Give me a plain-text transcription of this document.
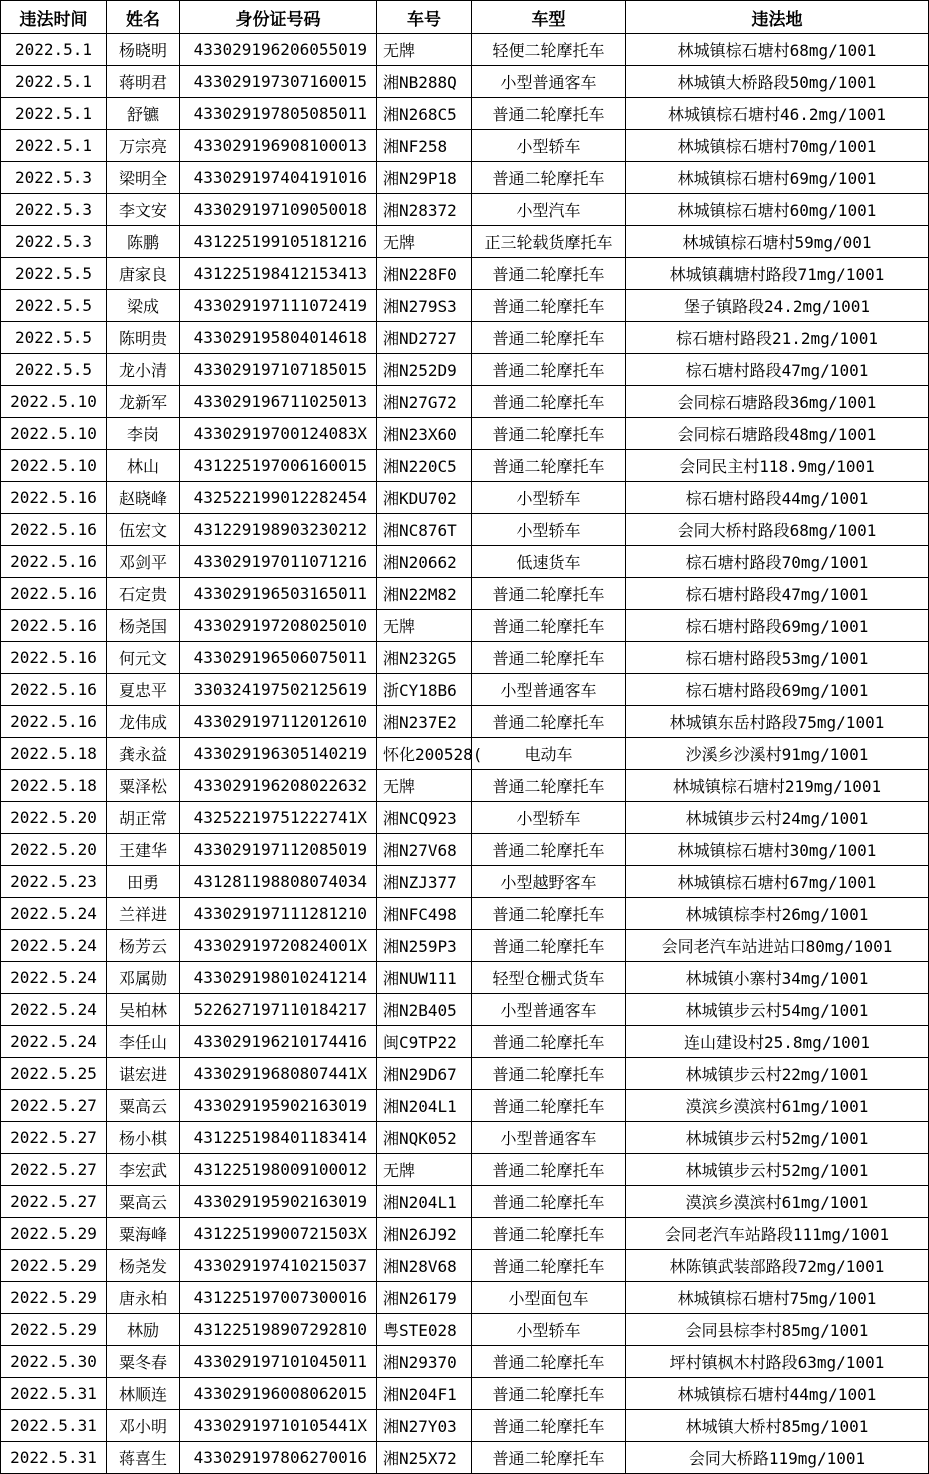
违法时间	姓名	身份证号码	车号	车型	违法地
2022.5.1	杨晓明	433029196206055019	无牌	轻便二轮摩托车	林城镇棕石塘村68mg/1001
2022.5.1	蒋明君	433029197307160015	湘NB288Q	小型普通客车	林城镇大桥路段50mg/1001
2022.5.1	舒镳	433029197805085011	湘N268C5	普通二轮摩托车	林城镇棕石塘村46.2mg/1001
2022.5.1	万宗亮	433029196908100013	湘NF258	小型轿车	林城镇棕石塘村70mg/1001
2022.5.3	梁明全	433029197404191016	湘N29P18	普通二轮摩托车	林城镇棕石塘村69mg/1001
2022.5.3	李文安	433029197109050018	湘N28372	小型汽车	林城镇棕石塘村60mg/1001
2022.5.3	陈鹏	431225199105181216	无牌	正三轮载货摩托车	林城镇棕石塘村59mg/001
2022.5.5	唐家良	431225198412153413	湘N228F0	普通二轮摩托车	林城镇藕塘村路段71mg/1001
2022.5.5	梁成	433029197111072419	湘N279S3	普通二轮摩托车	堡子镇路段24.2mg/1001
2022.5.5	陈明贵	433029195804014618	湘ND2727	普通二轮摩托车	棕石塘村路段21.2mg/1001
2022.5.5	龙小清	433029197107185015	湘N252D9	普通二轮摩托车	棕石塘村路段47mg/1001
2022.5.10	龙新军	433029196711025013	湘N27G72	普通二轮摩托车	会同棕石塘路段36mg/1001
2022.5.10	李岗	43302919700124083X	湘N23X60	普通二轮摩托车	会同棕石塘路段48mg/1001
2022.5.10	林山	431225197006160015	湘N220C5	普通二轮摩托车	会同民主村118.9mg/1001
2022.5.16	赵晓峰	432522199012282454	湘KDU702	小型轿车	棕石塘村路段44mg/1001
2022.5.16	伍宏文	431229198903230212	湘NC876T	小型轿车	会同大桥村路段68mg/1001
2022.5.16	邓剑平	433029197011071216	湘N20662	低速货车	棕石塘村路段70mg/1001
2022.5.16	石定贵	433029196503165011	湘N22M82	普通二轮摩托车	棕石塘村路段47mg/1001
2022.5.16	杨尧国	433029197208025010	无牌	普通二轮摩托车	棕石塘村路段69mg/1001
2022.5.16	何元文	433029196506075011	湘N232G5	普通二轮摩托车	棕石塘村路段53mg/1001
2022.5.16	夏忠平	330324197502125619	浙CY18B6	小型普通客车	棕石塘村路段69mg/1001
2022.5.16	龙伟成	433029197112012610	湘N237E2	普通二轮摩托车	林城镇东岳村路段75mg/1001
2022.5.18	龚永益	433029196305140219	怀化200528(	电动车	沙溪乡沙溪村91mg/1001
2022.5.18	粟泽松	433029196208022632	无牌	普通二轮摩托车	林城镇棕石塘村219mg/1001
2022.5.20	胡正常	43252219751222741X	湘NCQ923	小型轿车	林城镇步云村24mg/1001
2022.5.20	王建华	433029197112085019	湘N27V68	普通二轮摩托车	林城镇棕石塘村30mg/1001
2022.5.23	田勇	431281198808074034	湘NZJ377	小型越野客车	林城镇棕石塘村67mg/1001
2022.5.24	兰祥进	433029197111281210	湘NFC498	普通二轮摩托车	林城镇棕李村26mg/1001
2022.5.24	杨芳云	43302919720824001X	湘N259P3	普通二轮摩托车	会同老汽车站进站口80mg/1001
2022.5.24	邓属勋	433029198010241214	湘NUW111	轻型仓栅式货车	林城镇小寨村34mg/1001
2022.5.24	吴柏林	522627197110184217	湘N2B405	小型普通客车	林城镇步云村54mg/1001
2022.5.24	李任山	433029196210174416	闽C9TP22	普通二轮摩托车	连山建设村25.8mg/1001
2022.5.25	谌宏进	43302919680807441X	湘N29D67	普通二轮摩托车	林城镇步云村22mg/1001
2022.5.27	粟高云	433029195902163019	湘N204L1	普通二轮摩托车	漠滨乡漠滨村61mg/1001
2022.5.27	杨小棋	431225198401183414	湘NQK052	小型普通客车	林城镇步云村52mg/1001
2022.5.27	李宏武	431225198009100012	无牌	普通二轮摩托车	林城镇步云村52mg/1001
2022.5.27	粟高云	433029195902163019	湘N204L1	普通二轮摩托车	漠滨乡漠滨村61mg/1001
2022.5.29	粟海峰	43122519900721503X	湘N26J92	普通二轮摩托车	会同老汽车站路段111mg/1001
2022.5.29	杨尧发	433029197410215037	湘N28V68	普通二轮摩托车	林陈镇武装部路段72mg/1001
2022.5.29	唐永柏	431225197007300016	湘N26179	小型面包车	林城镇棕石塘村75mg/1001
2022.5.29	林励	431225198907292810	粤STE028	小型轿车	会同县棕李村85mg/1001
2022.5.30	粟冬春	433029197101045011	湘N29370	普通二轮摩托车	坪村镇枫木村路段63mg/1001
2022.5.31	林顺连	433029196008062015	湘N204F1	普通二轮摩托车	林城镇棕石塘村44mg/1001
2022.5.31	邓小明	43302919710105441X	湘N27Y03	普通二轮摩托车	林城镇大桥村85mg/1001
2022.5.31	蒋喜生	433029197806270016	湘N25X72	普通二轮摩托车	会同大桥路119mg/1001
